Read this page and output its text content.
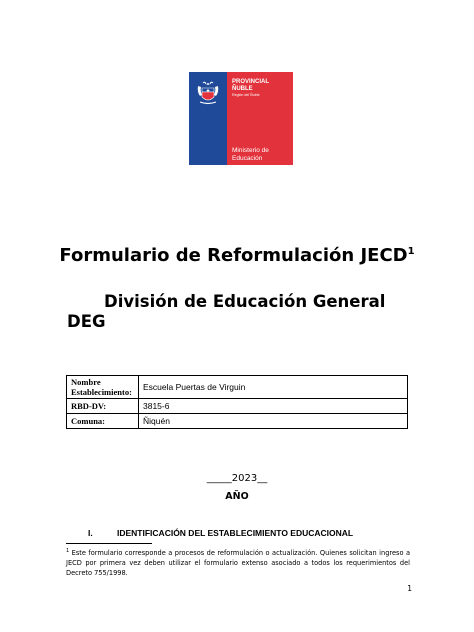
PROVINCIAL
ÑUBLE
Región del Ñuble
Ministerio de
Educación
Formulario de Reformulación JECD$^1$
División de Educación General
DEG
Nombre Establecimiento:	Escuela Puertas de Virguin
RBD-DV:	3815-6
Comuna:	Ñiquén
_____2023__
AÑO
I.	IDENTIFICACIÓN DEL ESTABLECIMIENTO EDUCACIONAL
$^1$ Este formulario corresponde a procesos de reformulación o actualización. Quienes solicitan ingreso a JECD por primera vez deben utilizar el formulario extenso asociado a todos los requerimientos del Decreto 755/1998.
1
